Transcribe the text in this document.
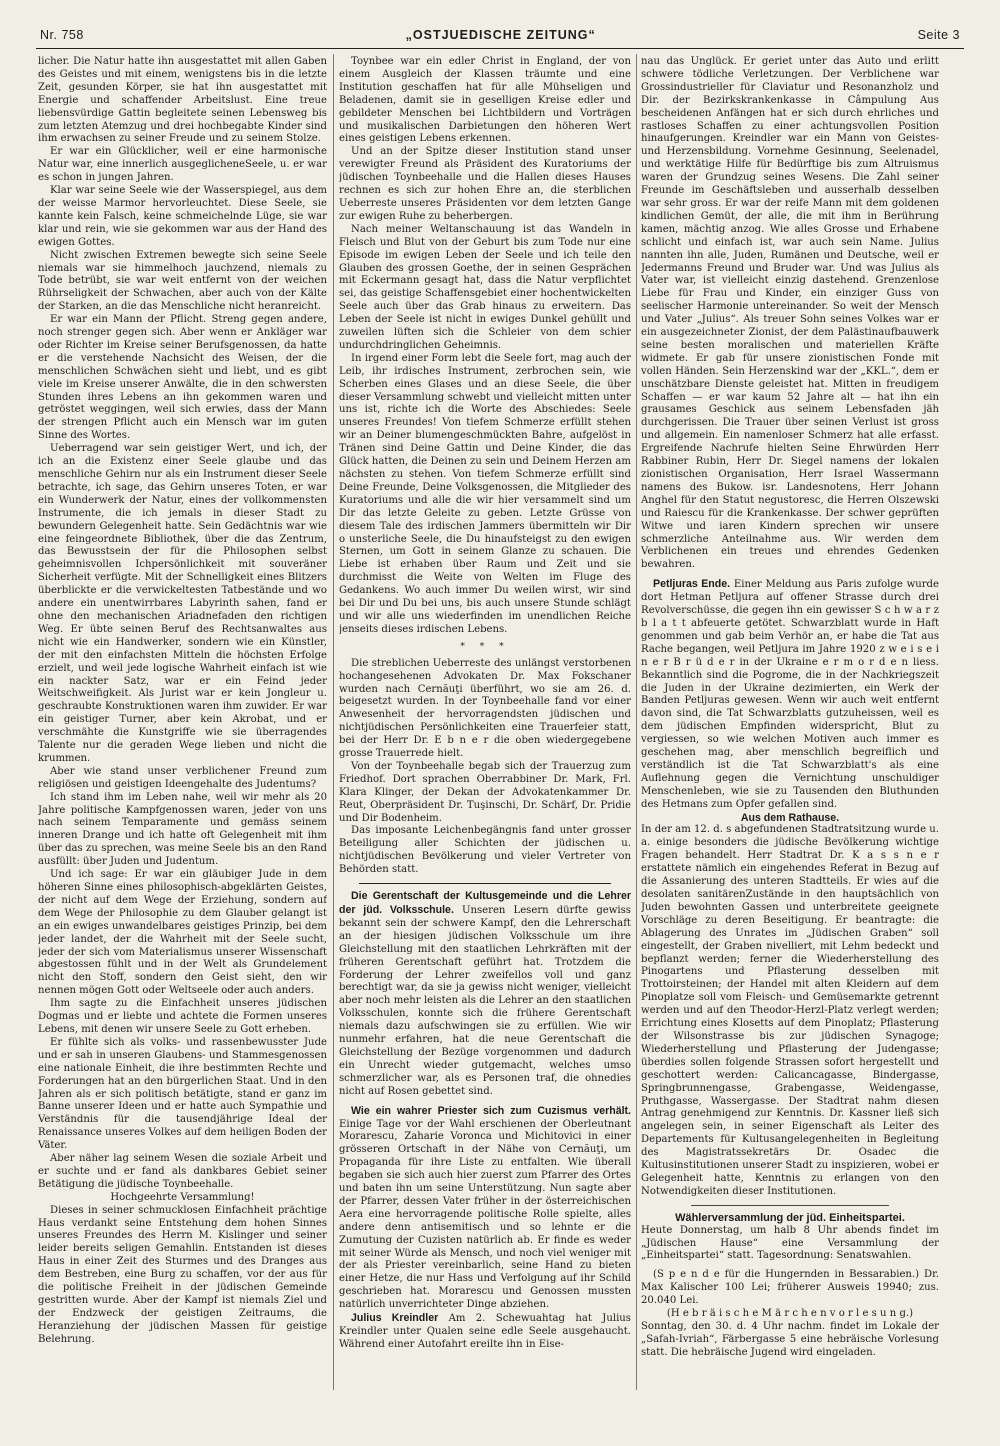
Nr. 758	„OSTJUEDISCHE ZEITUNG“	Seite 3

licher. Die Natur hatte ihn ausgestattet mit allen Gaben des Geistes und mit einem, wenigstens bis in die letzte Zeit, gesunden Körper, sie hat ihn ausgestattet mit Energie und schaffender Arbeitslust. Eine treue liebensvürdige Gattin begleitete seinen Lebensweg bis zum letzten Atemzug und drei hochbegabte Kinder sind ihm erwachsen zu seiner Freude und zu seinem Stolze.

Er war ein Glücklicher, weil er eine harmonische Natur war, eine innerlich ausgeglicheneSeele, u. er war es schon in jungen Jahren.

Klar war seine Seele wie der Wasserspiegel, aus dem der weisse Marmor hervorleuchtet. Diese Seele, sie kannte kein Falsch, keine schmeichelnde Lüge, sie war klar und rein, wie sie gekommen war aus der Hand des ewigen Gottes.

Nicht zwischen Extremen bewegte sich seine Seele niemals war sie himmelhoch jauchzend, niemals zu Tode betrübt, sie war weit entfernt von der weichen Rührseligkeit der Schwachen, aber auch von der Kälte der Starken, an die das Menschliche nicht heranreicht.

Er war ein Mann der Pflicht. Streng gegen andere, noch strenger gegen sich. Aber wenn er Ankläger war oder Richter im Kreise seiner Berufsgenossen, da hatte er die verstehende Nachsicht des Weisen, der die menschlichen Schwächen sieht und liebt, und es gibt viele im Kreise unserer Anwälte, die in den schwersten Stunden ihres Lebens an ihn gekommen waren und getröstet weggingen, weil sich erwies, dass der Mann der strengen Pflicht auch ein Mensch war im guten Sinne des Wortes.

Ueberragend war sein geistiger Wert, und ich, der ich an die Existenz einer Seele glaube und das menschliche Gehirn nur als ein Instrument dieser Seele betrachte, ich sage, das Gehirn unseres Toten, er war ein Wunderwerk der Natur, eines der vollkommensten Instrumente, die ich jemals in dieser Stadt zu bewundern Gelegenheit hatte. Sein Gedächtnis war wie eine feingeordnete Bibliothek, über die das Zentrum, das Bewusstsein der für die Philosophen selbst geheimnisvollen Ichpersönlichkeit mit souveräner Sicherheit verfügte. Mit der Schnelligkeit eines Blitzers überblickte er die verwickeltesten Tatbestände und wo andere ein unentwirrbares Labyrinth sahen, fand er ohne den mechanischen Ariadnefaden den richtigen Weg. Er übte seinen Beruf des Rechtsanwaltes aus nicht wie ein Handwerker, sondern wie ein Künstler, der mit den einfachsten Mitteln die höchsten Erfolge erzielt, und weil jede logische Wahrheit einfach ist wie ein nackter Satz, war er ein Feind jeder Weitschweifigkeit. Als Jurist war er kein Jongleur u. geschraubte Konstruktionen waren ihm zuwider. Er war ein geistiger Turner, aber kein Akrobat, und er verschmähte die Kunstgriffe wie sie überragendes Talente nur die geraden Wege lieben und nicht die krummen.

Aber wie stand unser verblichener Freund zum religiösen und geistigen Ideengehalte des Judentums?

Ich stand ihm im Leben nahe, weil wir mehr als 20 Jahre politische Kampfgenossen waren, jeder von uns nach seinem Temparamente und gemäss seinem inneren Drange und ich hatte oft Gelegenheit mit ihm über das zu sprechen, was meine Seele bis an den Rand ausfüllt: über Juden und Judentum.

Und ich sage: Er war ein gläubiger Jude in dem höheren Sinne eines philosophisch-abgeklärten Geistes, der nicht auf dem Wege der Erziehung, sondern auf dem Wege der Philosophie zu dem Glauber gelangt ist an ein ewiges unwandelbares geistiges Prinzip, bei dem jeder landet, der die Wahrheit mit der Seele sucht, jeder der sich vom Materialismus unserer Wissenschaft abgestossen fühlt und in der Welt als Grundelement nicht den Stoff, sondern den Geist sieht, den wir nennen mögen Gott oder Weltseele oder auch anders.

Ihm sagte zu die Einfachheit unseres jüdischen Dogmas und er liebte und achtete die Formen unseres Lebens, mit denen wir unsere Seele zu Gott erheben.

Er fühlte sich als volks- und rassenbewusster Jude und er sah in unseren Glaubens- und Stammesgenossen eine nationale Einheit, die ihre bestimmten Rechte und Forderungen hat an den bürgerlichen Staat. Und in den Jahren als er sich politisch betätigte, stand er ganz im Banne unserer Ideen und er hatte auch Sympathie und Verständnis für die tausendjährige Ideal der Renaissance unseres Volkes auf dem heiligen Boden der Väter.

Aber näher lag seinem Wesen die soziale Arbeit und er suchte und er fand als dankbares Gebiet seiner Betätigung die jüdische Toynbeehalle.

Hochgeehrte Versammlung!

Dieses in seiner schmucklosen Einfachheit prächtige Haus verdankt seine Entstehung dem hohen Sinnes unseres Freundes des Herrn M. Kislinger und seiner leider bereits seligen Gemahlin. Entstanden ist dieses Haus in einer Zeit des Sturmes und des Dranges aus dem Bestreben, eine Burg zu schaffen, vor der aus für die politische Freiheit in der jüdischen Gemeinde gestritten wurde. Aber der Kampf ist niemals Ziel und der Endzweck der geistigen Zeitraums, die Heranziehung der jüdischen Massen für geistige Belehrung.

Toynbee war ein edler Christ in England, der von einem Ausgleich der Klassen träumte und eine Institution geschaffen hat für alle Mühseligen und Beladenen, damit sie in geselligen Kreise edler und gebildeter Menschen bei Lichtbildern und Vorträgen und musikalischen Darbietungen den höheren Wert eines geistigen Lebens erkennen.

Und an der Spitze dieser Institution stand unser verewigter Freund als Präsident des Kuratoriums der jüdischen Toynbeehalle und die Hallen dieses Hauses rechnen es sich zur hohen Ehre an, die sterblichen Ueberreste unseres Präsidenten vor dem letzten Gange zur ewigen Ruhe zu beherbergen.

Nach meiner Weltanschauung ist das Wandeln in Fleisch und Blut von der Geburt bis zum Tode nur eine Episode im ewigen Leben der Seele und ich teile den Glauben des grossen Goethe, der in seinen Gesprächen mit Eckermann gesagt hat, dass die Natur verpflichtet sei, das geistige Schaffensgebiet einer hochentwickelten Seele auch über das Grab hinaus zu erweitern. Das Leben der Seele ist nicht in ewiges Dunkel gehüllt und zuweilen lüften sich die Schleier von dem schier undurchdringlichen Geheimnis.

In irgend einer Form lebt die Seele fort, mag auch der Leib, ihr irdisches Instrument, zerbrochen sein, wie Scherben eines Glases und an diese Seele, die über dieser Versammlung schwebt und vielleicht mitten unter uns ist, richte ich die Worte des Abschiedes: Seele unseres Freundes! Von tiefem Schmerze erfüllt stehen wir an Deiner blumengeschmückten Bahre, aufgelöst in Tränen sind Deine Gattin und Deine Kinder, die das Glück hatten, die Deinen zu sein und Deinem Herzen am nächsten zu stehen. Von tiefem Schmerze erfüllt sind Deine Freunde, Deine Volksgenossen, die Mitglieder des Kuratoriums und alle die wir hier versammelt sind um Dir das letzte Geleite zu geben. Letzte Grüsse von diesem Tale des irdischen Jammers übermitteln wir Dir o unsterliche Seele, die Du hinaufsteigst zu den ewigen Sternen, um Gott in seinem Glanze zu schauen. Die Liebe ist erhaben über Raum und Zeit und sie durchmisst die Weite von Welten im Fluge des Gedankens. Wo auch immer Du weilen wirst, wir sind bei Dir und Du bei uns, bis auch unsere Stunde schlägt und wir alle uns wiederfinden im unendlichen Reiche jenseits dieses irdischen Lebens.

* * *

Die streblichen Ueberreste des unlängst verstorbenen hochangesehenen Advokaten Dr. Max Fokschaner wurden nach Cernăuţi überführt, wo sie am 26. d. beigesetzt wurden. In der Toynbeehalle fand vor einer Anwesenheit der hervorragendsten jüdischen und nichtjüdischen Persönlichkeiten eine Trauerfeier statt, bei der Herr Dr. E b n e r die oben wiedergegebene grosse Trauerrede hielt.

Von der Toynbeehalle begab sich der Trauerzug zum Friedhof. Dort sprachen Oberrabbiner Dr. Mark, Frl. Klara Klinger, der Dekan der Advokatenkammer Dr. Reut, Oberpräsident Dr. Tuşinschi, Dr. Schärf, Dr. Pridie und Dir Bodenheim.

Das imposante Leichenbegängnis fand unter grosser Beteiligung aller Schichten der jüdischen u. nichtjüdischen Bevölkerung und vieler Vertreter von Behörden statt.

Die Gerentschaft der Kultusgemeinde und die Lehrer der jüd. Volksschule. Unseren Lesern dürfte gewiss bekannt sein der schwere Kampf, den die Lehrerschaft an der hiesigen jüdischen Volksschule um ihre Gleichstellung mit den staatlichen Lehrkräften mit der früheren Gerentschaft geführt hat. Trotzdem die Forderung der Lehrer zweifellos voll und ganz berechtigt war, da sie ja gewiss nicht weniger, vielleicht aber noch mehr leisten als die Lehrer an den staatlichen Volksschulen, konnte sich die frühere Gerentschaft niemals dazu aufschwingen sie zu erfüllen. Wie wir nunmehr erfahren, hat die neue Gerentschaft die Gleichstellung der Bezüge vorgenommen und dadurch ein Unrecht wieder gutgemacht, welches umso schmerzlicher war, als es Personen traf, die ohnedies nicht auf Rosen gebettet sind.

Wie ein wahrer Priester sich zum Cuzismus verhält. Einige Tage vor der Wahl erschienen der Oberleutnant Morarescu, Zaharie Voronca und Michitovici in einer grösseren Ortschaft in der Nähe von Cernăuţi, um Propaganda für ihre Liste zu entfalten. Wie überall begaben sie sich auch hier zuerst zum Pfarrer des Ortes und baten ihn um seine Unterstützung. Nun sagte aber der Pfarrer, dessen Vater früher in der österreichischen Aera eine hervorragende politische Rolle spielte, alles andere denn antisemitisch und so lehnte er die Zumutung der Cuzisten natürlich ab. Er finde es weder mit seiner Würde als Mensch, und noch viel weniger mit der als Priester vereinbarlich, seine Hand zu bieten einer Hetze, die nur Hass und Verfolgung auf ihr Schild geschrieben hat. Morarescu und Genossen mussten natürlich unverrichteter Dinge abziehen.

Julius Kreindler Am 2. Schewuahtag hat Julius Kreindler unter Qualen seine edle Seele ausgehaucht. Während einer Autofahrt ereilte ihn in Eise-

nau das Unglück. Er geriet unter das Auto und erlitt schwere tödliche Verletzungen. Der Verblichene war Grossindustrieller für Claviatur und Resonanzholz und Dir. der Bezirkskrankenkasse in Câmpulung Aus bescheidenen Anfängen hat er sich durch ehrliches und rastloses Schaffen zu einer achtungsvollen Position hinaufgerungen. Kreindler war ein Mann von Geistes- und Herzensbildung. Vornehme Gesinnung, Seelenadel, und werktätige Hilfe für Bedürftige bis zum Altruismus waren der Grundzug seines Wesens. Die Zahl seiner Freunde im Geschäftsleben und ausserhalb desselben war sehr gross. Er war der reife Mann mit dem goldenen kindlichen Gemüt, der alle, die mit ihm in Berührung kamen, mächtig anzog. Wie alles Grosse und Erhabene schlicht und einfach ist, war auch sein Name. Julius nannten ihn alle, Juden, Rumänen und Deutsche, weil er Jedermanns Freund und Bruder war. Und was Julius als Vater war, ist vielleicht einzig dastehend. Grenzenlose Liebe für Frau und Kinder, ein einziger Guss von seelischer Harmonie untereinander. So weit der Mensch und Vater „Julius“. Als treuer Sohn seines Volkes war er ein ausgezeichneter Zionist, der dem Palästinaufbauwerk seine besten moralischen und materiellen Kräfte widmete. Er gab für unsere zionistischen Fonde mit vollen Händen. Sein Herzenskind war der „KKL.“, dem er unschätzbare Dienste geleistet hat. Mitten in freudigem Schaffen — er war kaum 52 Jahre alt — hat ihn ein grausames Geschick aus seinem Lebensfaden jäh durchgerissen. Die Trauer über seinen Verlust ist gross und allgemein. Ein namenloser Schmerz hat alle erfasst. Ergreifende Nachrufe hielten Seine Ehrwürden Herr Rabbiner Rubin, Herr Dr. Siegel namens der lokalen zionistischen Organisation, Herr Israel Wassermann namens des Bukow. isr. Landesnotens, Herr Johann Anghel für den Statut negustoresc, die Herren Olszewski und Raiescu für die Krankenkasse. Der schwer geprüften Witwe und iaren Kindern sprechen wir unsere schmerzliche Anteilnahme aus. Wir werden dem Verblichenen ein treues und ehrendes Gedenken bewahren.

Petljuras Ende. Einer Meldung aus Paris zufolge wurde dort Hetman Petljura auf offener Strasse durch drei Revolverschüsse, die gegen ihn ein gewisser S c h w a r z b l a t t abfeuerte getötet. Schwarzblatt wurde in Haft genommen und gab beim Verhör an, er habe die Tat aus Rache begangen, weil Petljura im Jahre 1920 z w e i s e i n e r B r ü d e r in der Ukraine e r m o r d e n liess. Bekanntlich sind die Pogrome, die in der Nachkriegszeit die Juden in der Ukraine dezimierten, ein Werk der Banden Petljuras gewesen. Wenn wir auch weit entfernt davon sind, die Tat Schwarzblatts gutzuheissen, weil es dem jüdischen Empfinden widerspricht, Blut zu vergiessen, so wie welchen Motiven auch immer es geschehen mag, aber menschlich begreiflich und verständlich ist die Tat Schwarzblatt's als eine Auflehnung gegen die Vernichtung unschuldiger Menschenleben, wie sie zu Tausenden den Bluthunden des Hetmans zum Opfer gefallen sind.

Aus dem Rathause.
In der am 12. d. s abgefundenen Stadtratsitzung wurde u. a. einige besonders die jüdische Bevölkerung wichtige Fragen behandelt. Herr Stadtrat Dr. K a s s n e r erstattete nämlich ein eingehendes Referat in Bezug auf die Assanierung des unteren Stadtteils. Er wies auf die desolaten sanitärenZustände in den hauptsächlich von Juden bewohnten Gassen und unterbreitete geeignete Vorschläge zu deren Beseitigung. Er beantragte: die Ablagerung des Unrates im „Jüdischen Graben“ soll eingestellt, der Graben nivelliert, mit Lehm bedeckt und bepflanzt werden; ferner die Wiederherstellung des Pinogartens und Pflasterung desselben mit Trottoirsteinen; der Handel mit alten Kleidern auf dem Pinoplatze soll vom Fleisch- und Gemüsemarkte getrennt werden und auf den Theodor-Herzl-Platz verlegt werden; Errichtung eines Klosetts auf dem Pinoplatz; Pflasterung der Wilsonstrasse bis zur jüdischen Synagoge; Wiederherstellung und Pflasterung der Judengasse; überdies sollen folgende Strassen sofort hergestellt und geschottert werden: Calicancagasse, Bindergasse, Springbrunnengasse, Grabengasse, Weidengasse, Pruthgasse, Wassergasse. Der Stadtrat nahm diesen Antrag genehmigend zur Kenntnis. Dr. Kassner ließ sich angelegen sein, in seiner Eigenschaft als Leiter des Departements für Kultusangelegenheiten in Begleitung des Magistratssekretärs Dr. Osadec die Kultusinstitutionen unserer Stadt zu inspizieren, wobei er Gelegenheit hatte, Kenntnis zu erlangen von den Notwendigkeiten dieser Institutionen.

Wählerversammlung der jüd. Einheitspartei.

Heute Donnerstag, um halb 8 Uhr abends findet im „Jüdischen Hause“ eine Versammlung der „Einheitspartei“ statt. Tagesordnung: Senatswahlen.

(S p e n d e für die Hungernden in Bessarabien.) Dr. Max Kalischer 100 Lei; früherer Ausweis 19940; zus. 20.040 Lei.

(H e b r ä i s c h e M ä r c h e n v o r l e s u n g.)

Sonntag, den 30. d. 4 Uhr nachm. findet im Lokale der „Safah-Ivriah“, Färbergasse 5 eine hebräische Vorlesung statt. Die hebräische Jugend wird eingeladen.
